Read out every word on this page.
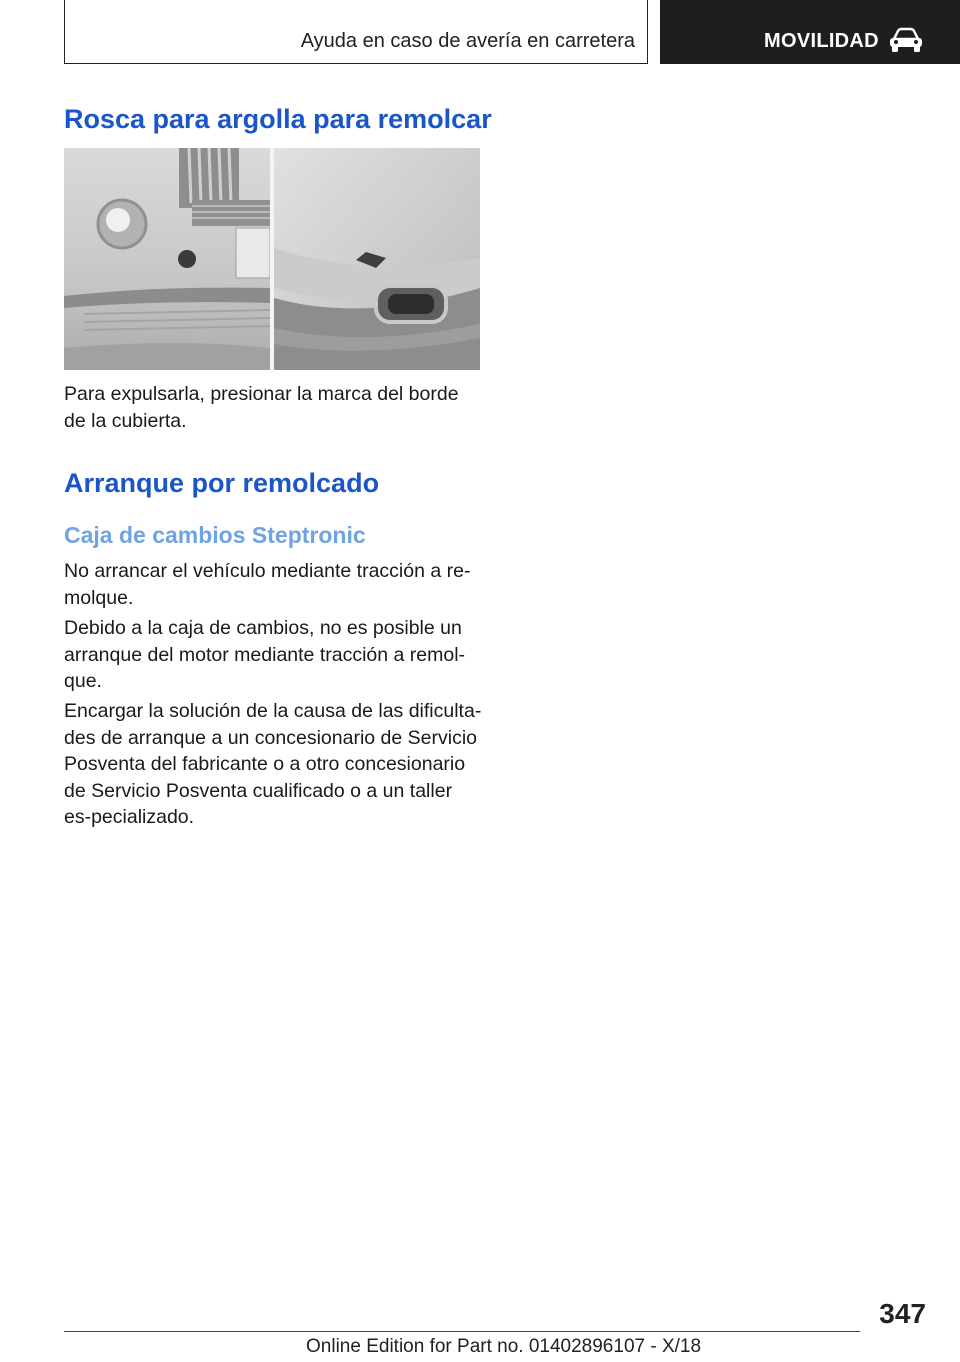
Ayuda en caso de avería en carretera	MOVILIDAD
Rosca para argolla para remolcar

Para expulsarla, presionar la marca del borde de la cubierta.

Arranque por remolcado
Caja de cambios Steptronic

No arrancar el vehículo mediante tracción a re-molque.

Debido a la caja de cambios, no es posible un arranque del motor mediante tracción a remol-que.

Encargar la solución de la causa de las dificulta-des de arranque a un concesionario de Servicio Posventa del fabricante o a otro concesionario de Servicio Posventa cualificado o a un taller es-pecializado.

347
Online Edition for Part no. 01402896107 - X/18
